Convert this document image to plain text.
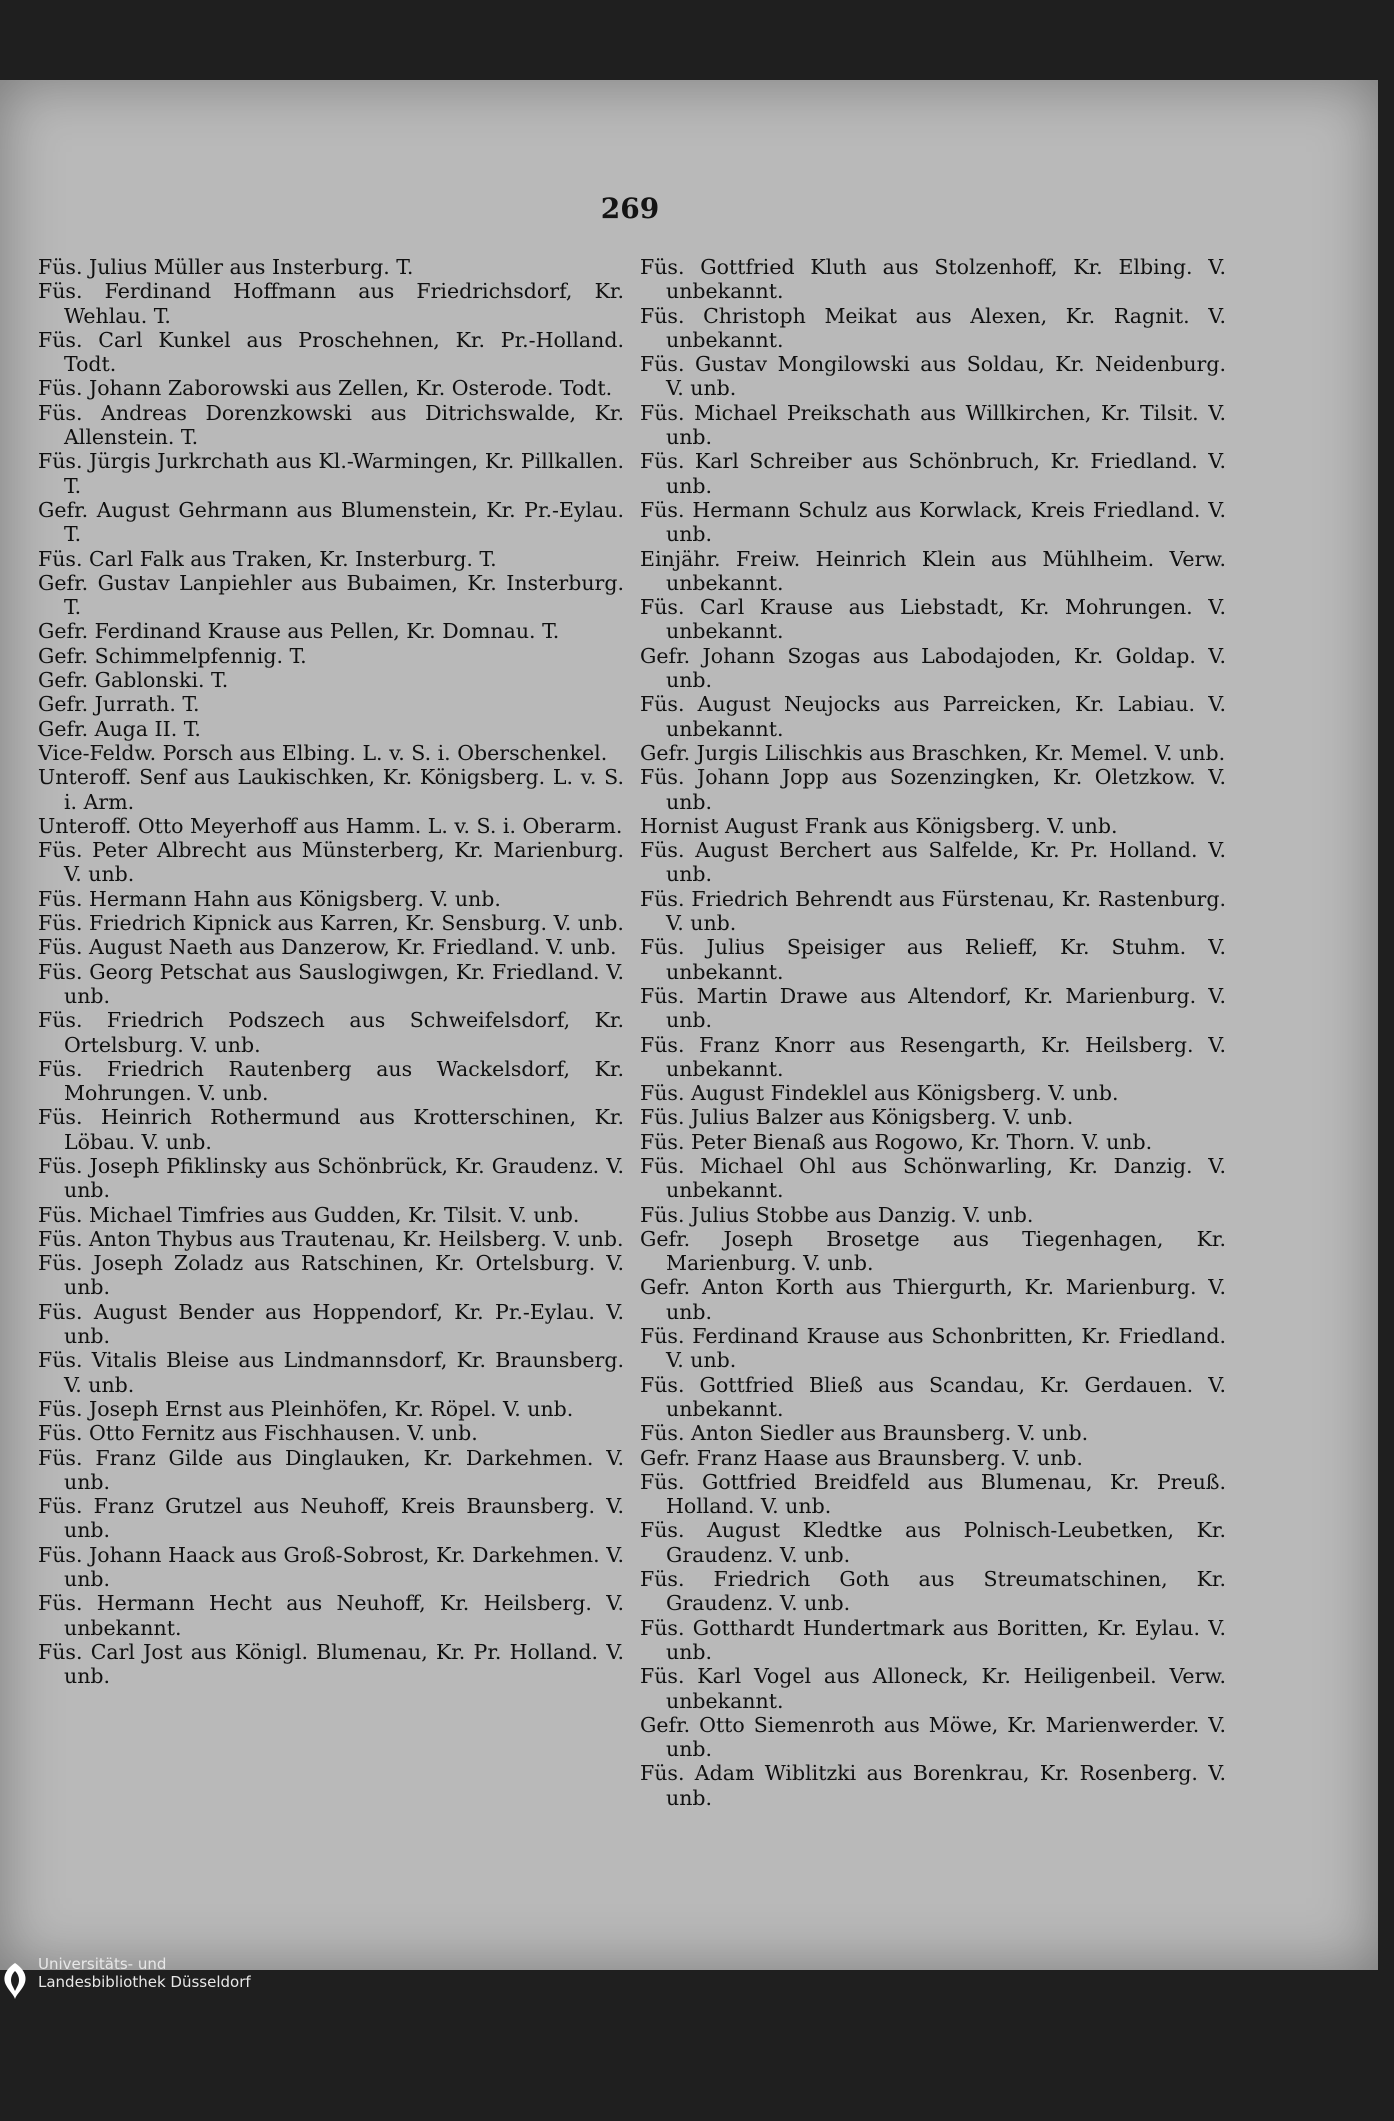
269

Füs. Julius Müller aus Insterburg. T.

Füs. Ferdinand Hoffmann aus Friedrichsdorf, Kr. Wehlau. T.

Füs. Carl Kunkel aus Proschehnen, Kr. Pr.-Holland. Todt.

Füs. Johann Zaborowski aus Zellen, Kr. Osterode. Todt.

Füs. Andreas Dorenzkowski aus Ditrichswalde, Kr. Allenstein. T.

Füs. Jürgis Jurkrchath aus Kl.-Warmingen, Kr. Pillkallen. T.

Gefr. August Gehrmann aus Blumenstein, Kr. Pr.-Eylau. T.

Füs. Carl Falk aus Traken, Kr. Insterburg. T.

Gefr. Gustav Lanpiehler aus Bubaimen, Kr. Insterburg. T.

Gefr. Ferdinand Krause aus Pellen, Kr. Domnau. T.

Gefr. Schimmelpfennig. T.

Gefr. Gablonski. T.

Gefr. Jurrath. T.

Gefr. Auga II. T.

Vice-Feldw. Porsch aus Elbing. L. v. S. i. Oberschenkel.

Unteroff. Senf aus Laukischken, Kr. Königsberg. L. v. S. i. Arm.

Unteroff. Otto Meyerhoff aus Hamm. L. v. S. i. Oberarm.

Füs. Peter Albrecht aus Münsterberg, Kr. Marienburg. V. unb.

Füs. Hermann Hahn aus Königsberg. V. unb.

Füs. Friedrich Kipnick aus Karren, Kr. Sensburg. V. unb.

Füs. August Naeth aus Danzerow, Kr. Friedland. V. unb.

Füs. Georg Petschat aus Sauslogiwgen, Kr. Friedland. V. unb.

Füs. Friedrich Podszech aus Schweifelsdorf, Kr. Ortelsburg. V. unb.

Füs. Friedrich Rautenberg aus Wackelsdorf, Kr. Mohrungen. V. unb.

Füs. Heinrich Rothermund aus Krotterschinen, Kr. Löbau. V. unb.

Füs. Joseph Pfiklinsky aus Schönbrück, Kr. Graudenz. V. unb.

Füs. Michael Timfries aus Gudden, Kr. Tilsit. V. unb.

Füs. Anton Thybus aus Trautenau, Kr. Heilsberg. V. unb.

Füs. Joseph Zoladz aus Ratschinen, Kr. Ortelsburg. V. unb.

Füs. August Bender aus Hoppendorf, Kr. Pr.-Eylau. V. unb.

Füs. Vitalis Bleise aus Lindmannsdorf, Kr. Braunsberg. V. unb.

Füs. Joseph Ernst aus Pleinhöfen, Kr. Röpel. V. unb.

Füs. Otto Fernitz aus Fischhausen. V. unb.

Füs. Franz Gilde aus Dinglauken, Kr. Darkehmen. V. unb.

Füs. Franz Grutzel aus Neuhoff, Kreis Braunsberg. V. unb.

Füs. Johann Haack aus Groß-Sobrost, Kr. Darkehmen. V. unb.

Füs. Hermann Hecht aus Neuhoff, Kr. Heilsberg. V. unbekannt.

Füs. Carl Jost aus Königl. Blumenau, Kr. Pr. Holland. V. unb.

Füs. Gottfried Kluth aus Stolzenhoff, Kr. Elbing. V. unbekannt.

Füs. Christoph Meikat aus Alexen, Kr. Ragnit. V. unbekannt.

Füs. Gustav Mongilowski aus Soldau, Kr. Neidenburg. V. unb.

Füs. Michael Preikschath aus Willkirchen, Kr. Tilsit. V. unb.

Füs. Karl Schreiber aus Schönbruch, Kr. Friedland. V. unb.

Füs. Hermann Schulz aus Korwlack, Kreis Friedland. V. unb.

Einjähr. Freiw. Heinrich Klein aus Mühlheim. Verw. unbekannt.

Füs. Carl Krause aus Liebstadt, Kr. Mohrungen. V. unbekannt.

Gefr. Johann Szogas aus Labodajoden, Kr. Goldap. V. unb.

Füs. August Neujocks aus Parreicken, Kr. Labiau. V. unbekannt.

Gefr. Jurgis Lilischkis aus Braschken, Kr. Memel. V. unb.

Füs. Johann Jopp aus Sozenzingken, Kr. Oletzkow. V. unb.

Hornist August Frank aus Königsberg. V. unb.

Füs. August Berchert aus Salfelde, Kr. Pr. Holland. V. unb.

Füs. Friedrich Behrendt aus Fürstenau, Kr. Rastenburg. V. unb.

Füs. Julius Speisiger aus Relieff, Kr. Stuhm. V. unbekannt.

Füs. Martin Drawe aus Altendorf, Kr. Marienburg. V. unb.

Füs. Franz Knorr aus Resengarth, Kr. Heilsberg. V. unbekannt.

Füs. August Findeklel aus Königsberg. V. unb.

Füs. Julius Balzer aus Königsberg. V. unb.

Füs. Peter Bienaß aus Rogowo, Kr. Thorn. V. unb.

Füs. Michael Ohl aus Schönwarling, Kr. Danzig. V. unbekannt.

Füs. Julius Stobbe aus Danzig. V. unb.

Gefr. Joseph Brosetge aus Tiegenhagen, Kr. Marienburg. V. unb.

Gefr. Anton Korth aus Thiergurth, Kr. Marienburg. V. unb.

Füs. Ferdinand Krause aus Schonbritten, Kr. Friedland. V. unb.

Füs. Gottfried Bließ aus Scandau, Kr. Gerdauen. V. unbekannt.

Füs. Anton Siedler aus Braunsberg. V. unb.

Gefr. Franz Haase aus Braunsberg. V. unb.

Füs. Gottfried Breidfeld aus Blumenau, Kr. Preuß. Holland. V. unb.

Füs. August Kledtke aus Polnisch-Leubetken, Kr. Graudenz. V. unb.

Füs. Friedrich Goth aus Streumatschinen, Kr. Graudenz. V. unb.

Füs. Gotthardt Hundertmark aus Boritten, Kr. Eylau. V. unb.

Füs. Karl Vogel aus Alloneck, Kr. Heiligenbeil. Verw. unbekannt.

Gefr. Otto Siemenroth aus Möwe, Kr. Marienwerder. V. unb.

Füs. Adam Wiblitzki aus Borenkrau, Kr. Rosenberg. V. unb.

Universitäts- und
Landesbibliothek Düsseldorf
